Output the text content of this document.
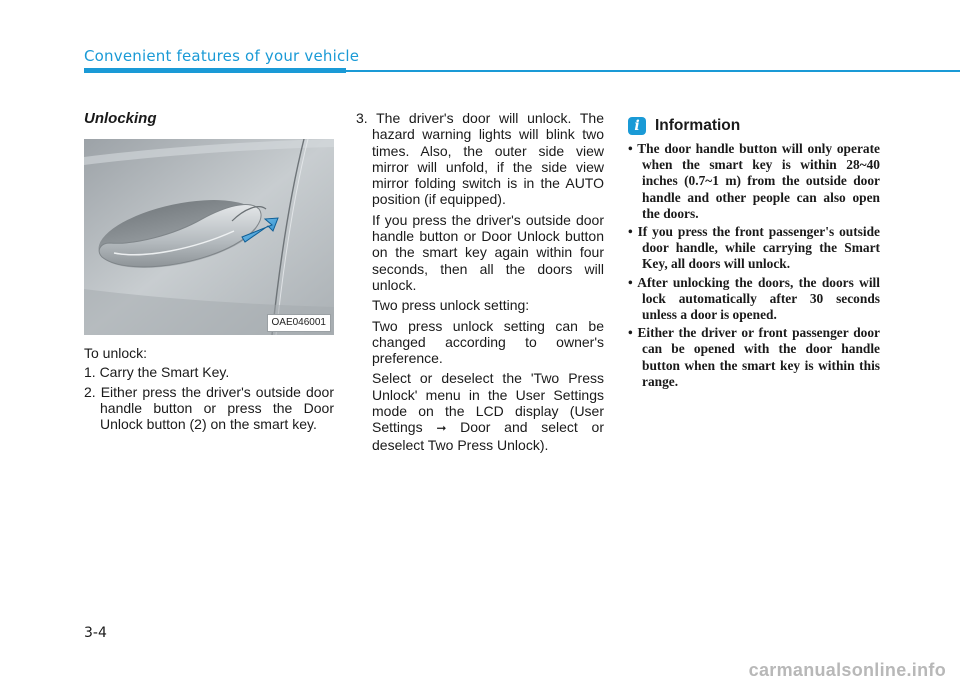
Convenient features of your vehicle
Unlocking
OAE046001
To unlock:
1. Carry the Smart Key.
2. Either press the driver's outside door handle button or press the Door Unlock button (2) on the smart key.
3. The driver's door will unlock. The hazard warning lights will blink two times. Also, the outer side view mirror will unfold, if the side view mirror folding switch is in the AUTO position (if equipped).
If you press the driver's outside door handle button or Door Unlock button on the smart key again within four seconds, then all the doors will unlock.
Two press unlock setting:
Two press unlock setting can be changed according to owner's preference.
Select or deselect the 'Two Press Unlock' menu in the User Settings mode on the LCD display (User Settings ➞ Door and select or deselect Two Press Unlock).
i Information
• The door handle button will only operate when the smart key is within 28~40 inches (0.7~1 m) from the outside door handle and other people can also open the doors.
• If you press the front passenger's outside door handle, while carrying the Smart Key, all doors will unlock.
• After unlocking the doors, the doors will lock automatically after 30 seconds unless a door is opened.
• Either the driver or front passenger door can be opened with the door handle button when the smart key is within this range.
3-4
carmanualsonline.info
